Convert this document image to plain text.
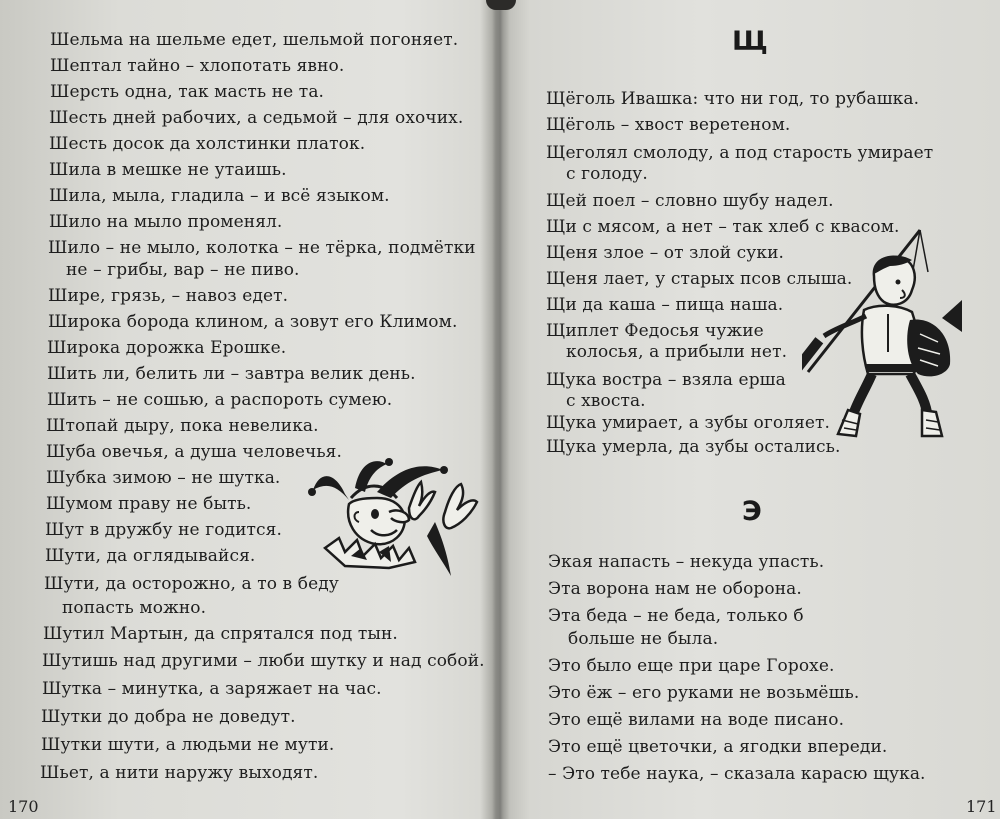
Шельма на шельме едет, шельмой погоняет.
Шептал тайно – хлопотать явно.
Шерсть одна, так масть не та.
Шесть дней рабочих, а седьмой – для охочих.
Шесть досок да холстинки платок.
Шила в мешке не утаишь.
Шила, мыла, гладила – и всё языком.
Шило на мыло променял.
Шило – не мыло, колотка – не тёрка, подмётки
не – грибы, вар – не пиво.
Шире, грязь, – навоз едет.
Широка борода клином, а зовут его Климом.
Широка дорожка Ерошке.
Шить ли, белить ли – завтра велик день.
Шить – не сошью, а распороть сумею.
Штопай дыру, пока невелика.
Шуба овечья, а душа человечья.
Шубка зимою – не шутка.
Шумом праву не быть.
Шут в дружбу не годится.
Шути, да оглядывайся.
Шути, да осторожно, а то в беду
попасть можно.
Шутил Мартын, да спрятался под тын.
Шутишь над другими – люби шутку и над собой.
Шутка – минутка, а заряжает на час.
Шутки до добра не доведут.
Шутки шути, а людьми не мути.
Шьет, а нити наружу выходят.
170
Щ
Щёголь Ивашка: что ни год, то рубашка.
Щёголь – хвост веретеном.
Щеголял смолоду, а под старость умирает
с голоду.
Щей поел – словно шубу надел.
Щи с мясом, а нет – так хлеб с квасом.
Щеня злое – от злой суки.
Щеня лает, у старых псов слыша.
Щи да каша – пища наша.
Щиплет Федосья чужие
колосья, а прибыли нет.
Щука востра – взяла ерша
с хвоста.
Щука умирает, а зубы оголяет.
Щука умерла, да зубы остались.
Э
Экая напасть – некуда упасть.
Эта ворона нам не оборона.
Эта беда – не беда, только б
больше не была.
Это было еще при царе Горохе.
Это ёж – его руками не возьмёшь.
Это ещё вилами на воде писано.
Это ещё цветочки, а ягодки впереди.
– Это тебе наука, – сказала карасю щука.
171
